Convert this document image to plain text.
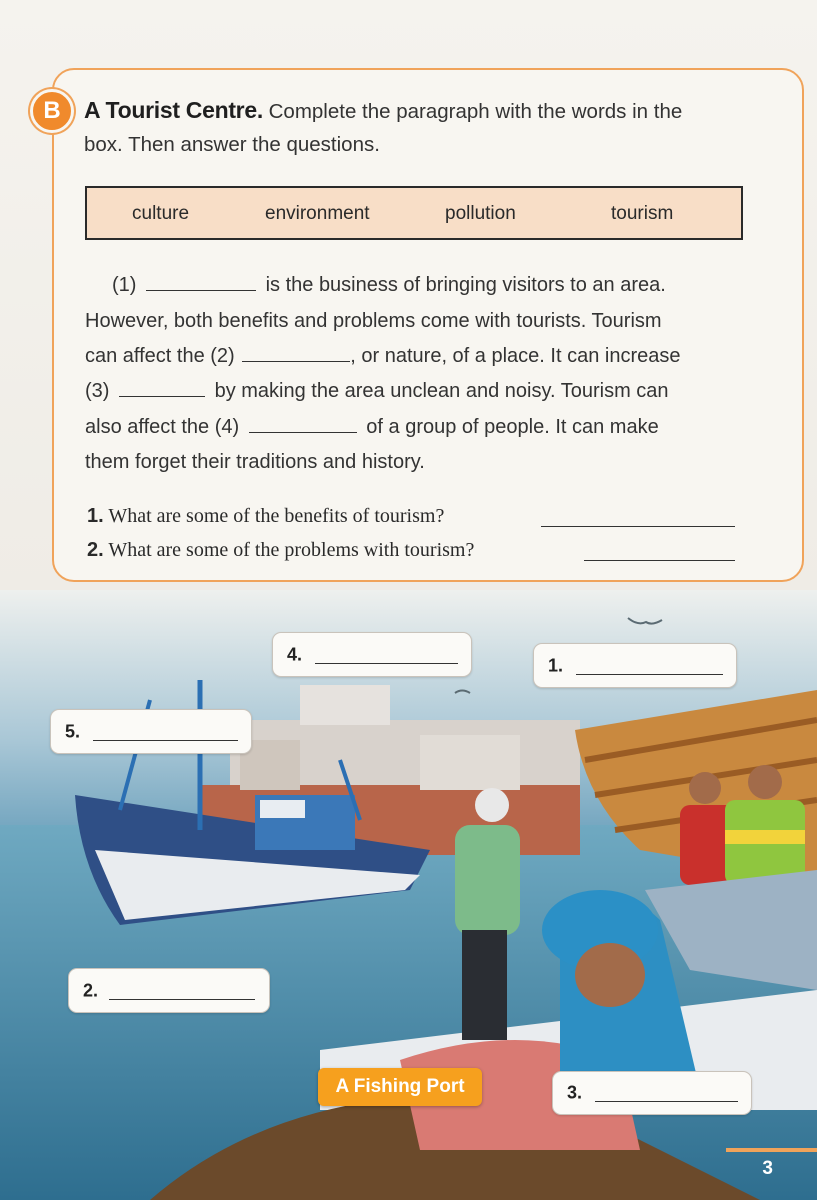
B	A Tourist Centre. Complete the paragraph with the words in the
box. Then answer the questions.
culture	environment	pollution	tourism
(1)	is the business of bringing visitors to an area.
However, both benefits and problems come with tourists. Tourism
can affect the (2)	, or nature, of a place. It can increase
(3)	by making the area unclean and noisy. Tourism can
also affect the (4)	of a group of people. It can make
them forget their traditions and history.
1. What are some of the benefits of tourism?
2. What are some of the problems with tourism?
4.
1.
5.
2.
3.
A Fishing Port
3
